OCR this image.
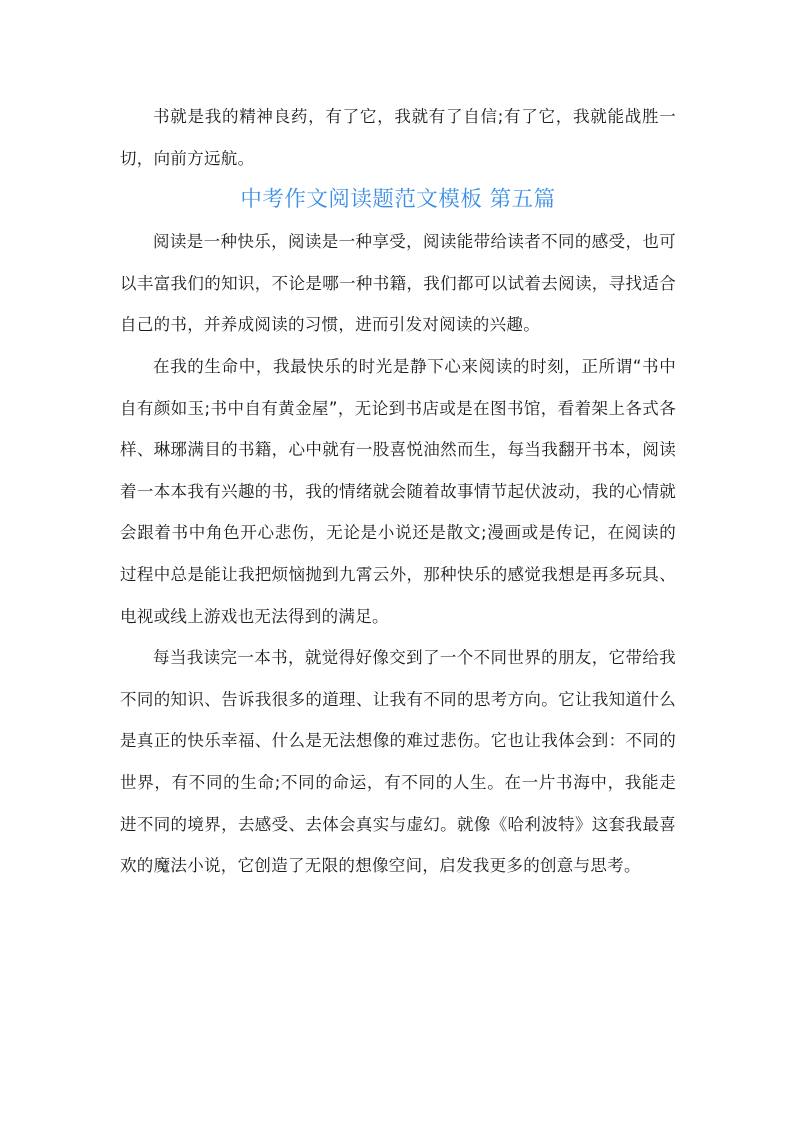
书就是我的精神良药，有了它，我就有了自信;有了它，我就能战胜一切，向前方远航。

中考作文阅读题范文模板 第五篇

阅读是一种快乐，阅读是一种享受，阅读能带给读者不同的感受，也可以丰富我们的知识，不论是哪一种书籍，我们都可以试着去阅读，寻找适合自己的书，并养成阅读的习惯，进而引发对阅读的兴趣。

在我的生命中，我最快乐的时光是静下心来阅读的时刻，正所谓“书中自有颜如玉;书中自有黄金屋”，无论到书店或是在图书馆，看着架上各式各样、琳琊满目的书籍，心中就有一股喜悦油然而生，每当我翻开书本，阅读着一本本我有兴趣的书，我的情绪就会随着故事情节起伏波动，我的心情就会跟着书中角色开心悲伤，无论是小说还是散文;漫画或是传记，在阅读的过程中总是能让我把烦恼抛到九霄云外，那种快乐的感觉我想是再多玩具、电视或线上游戏也无法得到的满足。

每当我读完一本书，就觉得好像交到了一个不同世界的朋友，它带给我不同的知识、告诉我很多的道理、让我有不同的思考方向。它让我知道什么是真正的快乐幸福、什么是无法想像的难过悲伤。它也让我体会到：不同的世界，有不同的生命;不同的命运，有不同的人生。在一片书海中，我能走进不同的境界，去感受、去体会真实与虚幻。就像《哈利波特》这套我最喜欢的魔法小说，它创造了无限的想像空间，启发我更多的创意与思考。
